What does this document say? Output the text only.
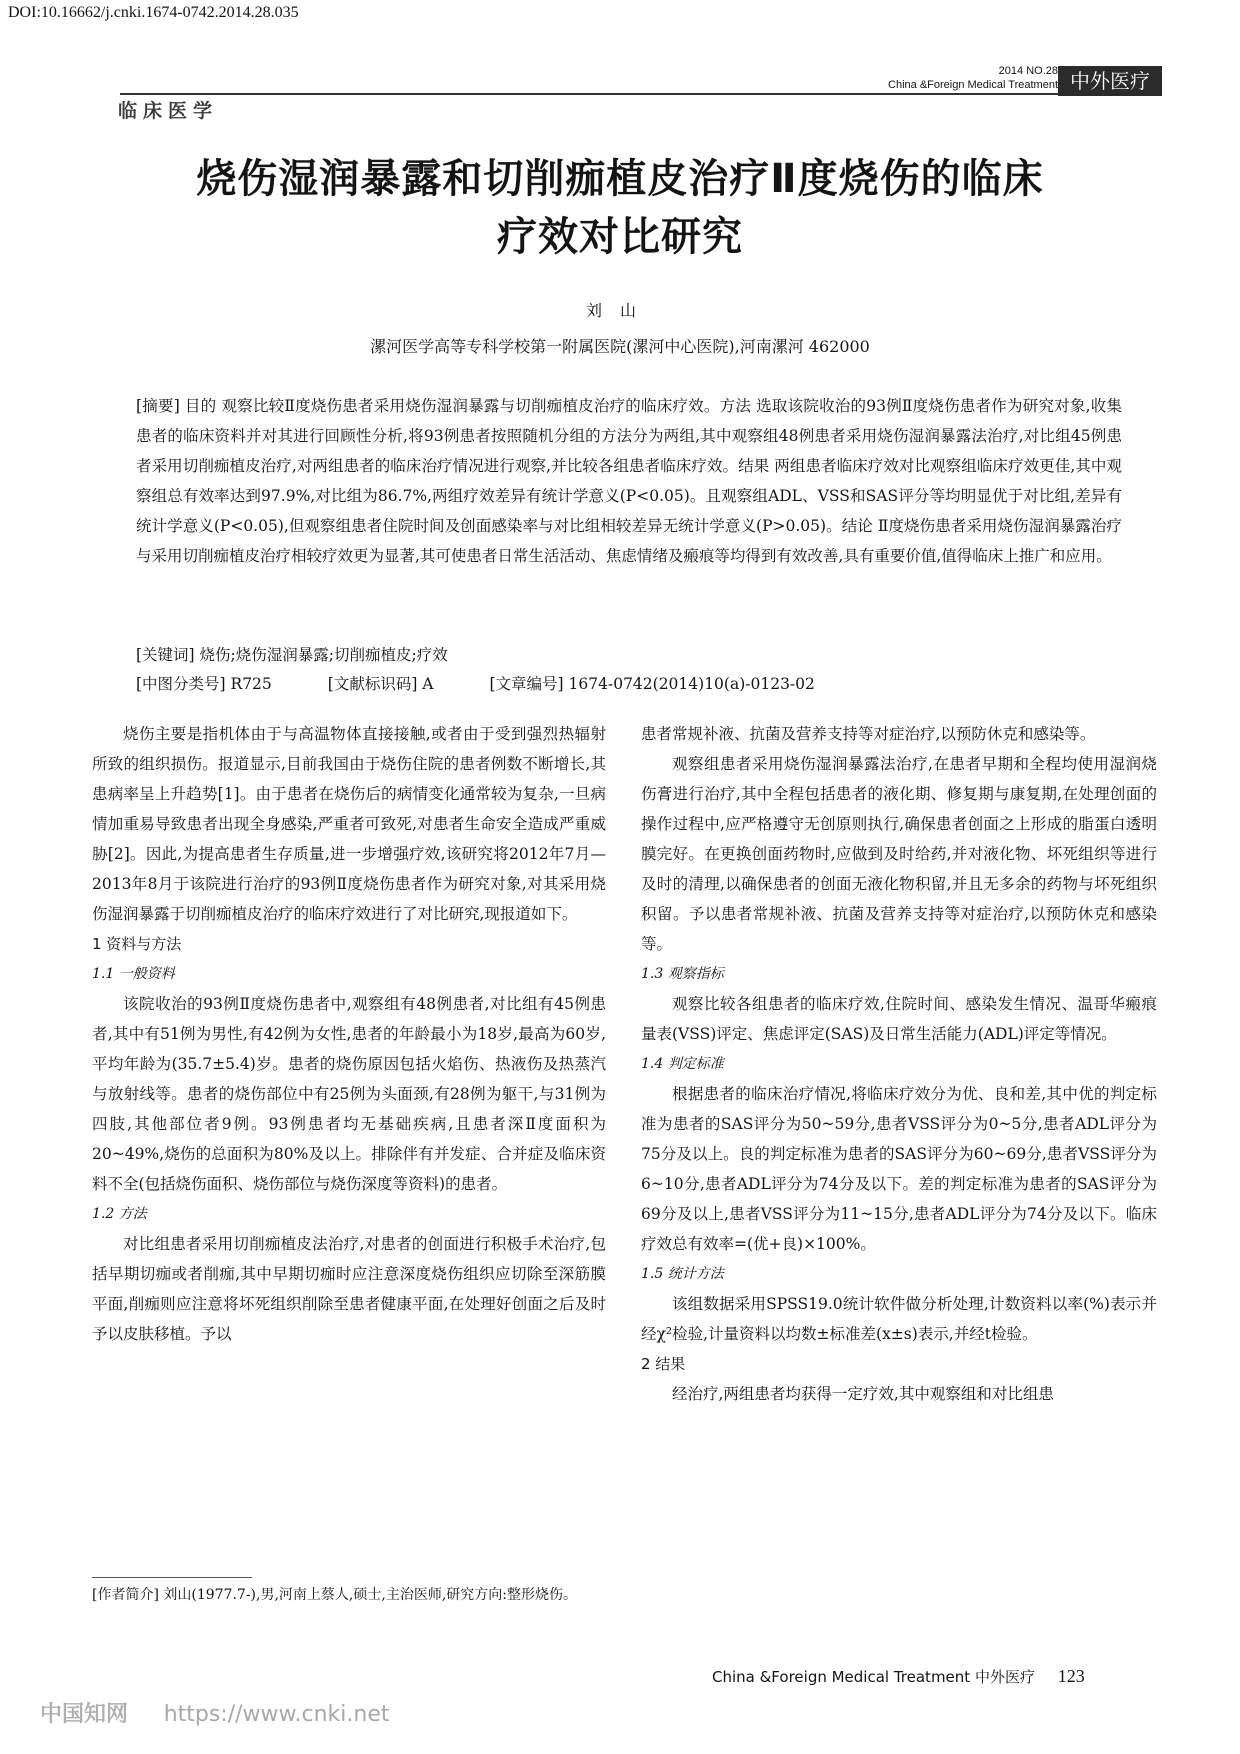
DOI:10.16662/j.cnki.1674-0742.2014.28.035
2014 NO.28
China &Foreign Medical Treatment 中外医疗
临床医学
烧伤湿润暴露和切削痂植皮治疗Ⅱ度烧伤的临床
疗效对比研究
刘山
漯河医学高等专科学校第一附属医院(漯河中心医院),河南漯河 462000

[摘要] 目的 观察比较Ⅱ度烧伤患者采用烧伤湿润暴露与切削痂植皮治疗的临床疗效。方法 选取该院收治的93例Ⅱ度烧伤患者作为研究对象,收集患者的临床资料并对其进行回顾性分析,将93例患者按照随机分组的方法分为两组,其中观察组48例患者采用烧伤湿润暴露法治疗,对比组45例患者采用切削痂植皮治疗,对两组患者的临床治疗情况进行观察,并比较各组患者临床疗效。结果 两组患者临床疗效对比观察组临床疗效更佳,其中观察组总有效率达到97.9%,对比组为86.7%,两组疗效差异有统计学意义(P<0.05)。且观察组ADL、VSS和SAS评分等均明显优于对比组,差异有统计学意义(P<0.05),但观察组患者住院时间及创面感染率与对比组相较差异无统计学意义(P>0.05)。结论 Ⅱ度烧伤患者采用烧伤湿润暴露治疗与采用切削痂植皮治疗相较疗效更为显著,其可使患者日常生活活动、焦虑情绪及瘢痕等均得到有效改善,具有重要价值,值得临床上推广和应用。

[关键词] 烧伤;烧伤湿润暴露;切削痂植皮;疗效
[中图分类号] R725	[文献标识码] A	[文章编号] 1674-0742(2014)10(a)-0123-02

烧伤主要是指机体由于与高温物体直接接触,或者由于受到强烈热辐射所致的组织损伤。报道显示,目前我国由于烧伤住院的患者例数不断增长,其患病率呈上升趋势[1]。由于患者在烧伤后的病情变化通常较为复杂,一旦病情加重易导致患者出现全身感染,严重者可致死,对患者生命安全造成严重威胁[2]。因此,为提高患者生存质量,进一步增强疗效,该研究将2012年7月—2013年8月于该院进行治疗的93例Ⅱ度烧伤患者作为研究对象,对其采用烧伤湿润暴露于切削痂植皮治疗的临床疗效进行了对比研究,现报道如下。

1 资料与方法

1.1 一般资料

该院收治的93例Ⅱ度烧伤患者中,观察组有48例患者,对比组有45例患者,其中有51例为男性,有42例为女性,患者的年龄最小为18岁,最高为60岁,平均年龄为(35.7±5.4)岁。患者的烧伤原因包括火焰伤、热液伤及热蒸汽与放射线等。患者的烧伤部位中有25例为头面颈,有28例为躯干,与31例为四肢,其他部位者9例。93例患者均无基础疾病,且患者深Ⅱ度面积为20~49%,烧伤的总面积为80%及以上。排除伴有并发症、合并症及临床资料不全(包括烧伤面积、烧伤部位与烧伤深度等资料)的患者。

1.2 方法

对比组患者采用切削痂植皮法治疗,对患者的创面进行积极手术治疗,包括早期切痂或者削痂,其中早期切痂时应注意深度烧伤组织应切除至深筋膜平面,削痂则应注意将坏死组织削除至患者健康平面,在处理好创面之后及时予以皮肤移植。予以

[作者简介] 刘山(1977.7-),男,河南上蔡人,硕士,主治医师,研究方向:整形烧伤。

患者常规补液、抗菌及营养支持等对症治疗,以预防休克和感染等。

观察组患者采用烧伤湿润暴露法治疗,在患者早期和全程均使用湿润烧伤膏进行治疗,其中全程包括患者的液化期、修复期与康复期,在处理创面的操作过程中,应严格遵守无创原则执行,确保患者创面之上形成的脂蛋白透明膜完好。在更换创面药物时,应做到及时给药,并对液化物、坏死组织等进行及时的清理,以确保患者的创面无液化物积留,并且无多余的药物与坏死组织积留。予以患者常规补液、抗菌及营养支持等对症治疗,以预防休克和感染等。

1.3 观察指标

观察比较各组患者的临床疗效,住院时间、感染发生情况、温哥华瘢痕量表(VSS)评定、焦虑评定(SAS)及日常生活能力(ADL)评定等情况。

1.4 判定标准

根据患者的临床治疗情况,将临床疗效分为优、良和差,其中优的判定标准为患者的SAS评分为50~59分,患者VSS评分为0~5分,患者ADL评分为75分及以上。良的判定标准为患者的SAS评分为60~69分,患者VSS评分为6~10分,患者ADL评分为74分及以下。差的判定标准为患者的SAS评分为69分及以上,患者VSS评分为11~15分,患者ADL评分为74分及以下。临床疗效总有效率=(优+良)×100%。

1.5 统计方法

该组数据采用SPSS19.0统计软件做分析处理,计数资料以率(%)表示并经χ²检验,计量资料以均数±标准差(x±s)表示,并经t检验。

2 结果

经治疗,两组患者均获得一定疗效,其中观察组和对比组患

China &Foreign Medical Treatment 中外医疗 123
中国知网 https://www.cnki.net
